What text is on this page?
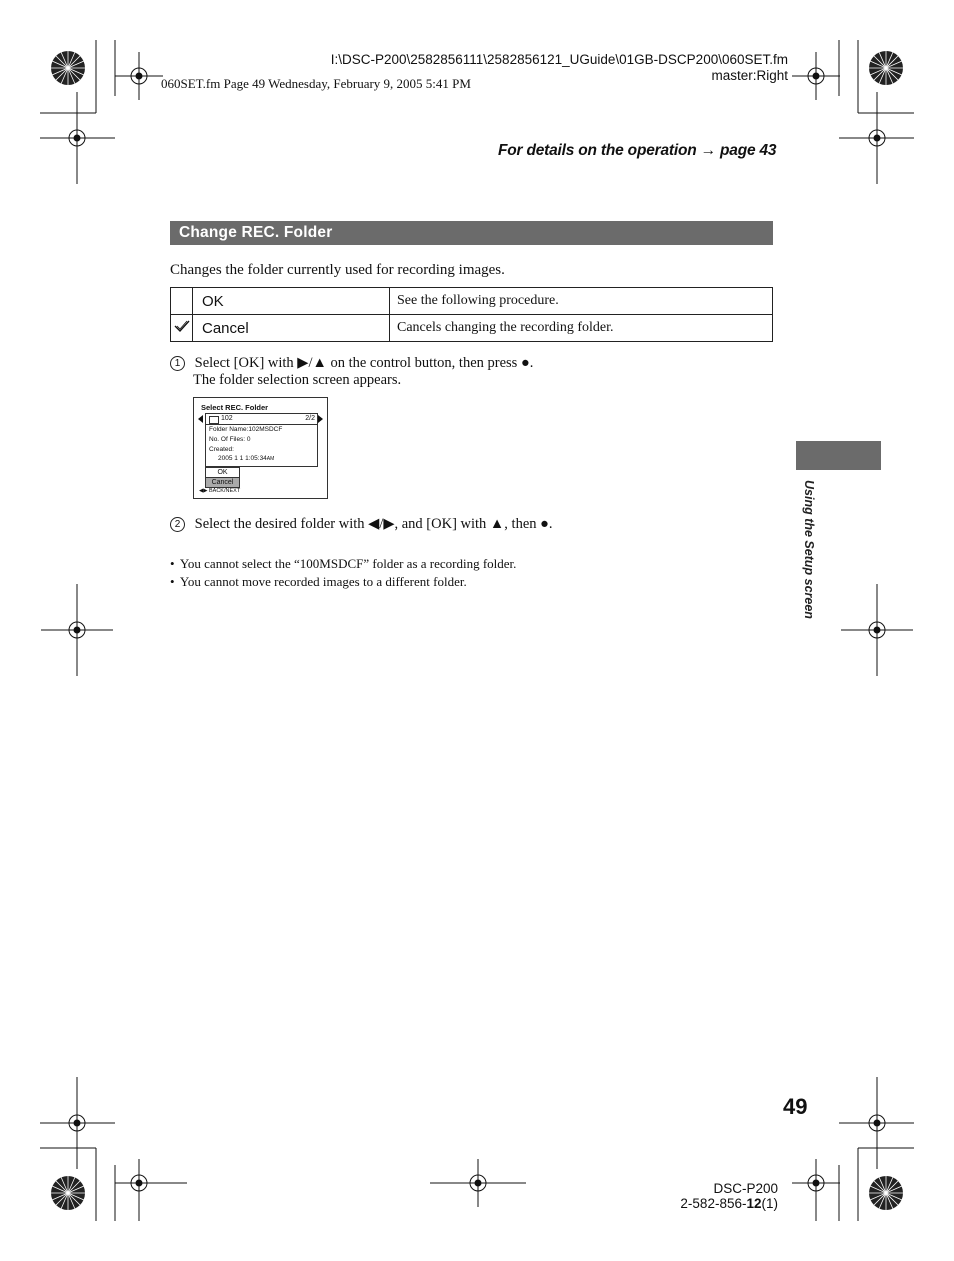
I:\DSC-P200\2582856111\2582856121_UGuide\01GB-DSCP200\060SET.fm
master:Right
060SET.fm Page 49 Wednesday, February 9, 2005 5:41 PM
For details on the operation → page 43
Change REC. Folder
Changes the folder currently used for recording images.
	OK	See the following procedure.
	Cancel	Cancels changing the recording folder.
1 Select [OK] with ▶/▲ on the control button, then press ●.
The folder selection screen appears.
Select REC. Folder
102	2/2
Folder Name:102MSDCF
No. Of Files: 0
Created:
2005 1 1 1:05:34AM
OK
Cancel
◀▶ BACK/NEXT
2 Select the desired folder with ◀/▶, and [OK] with ▲, then ●.
• You cannot select the “100MSDCF” folder as a recording folder.
• You cannot move recorded images to a different folder.	Using the Setup screen
49
DSC-P200
2-582-856-12(1)
